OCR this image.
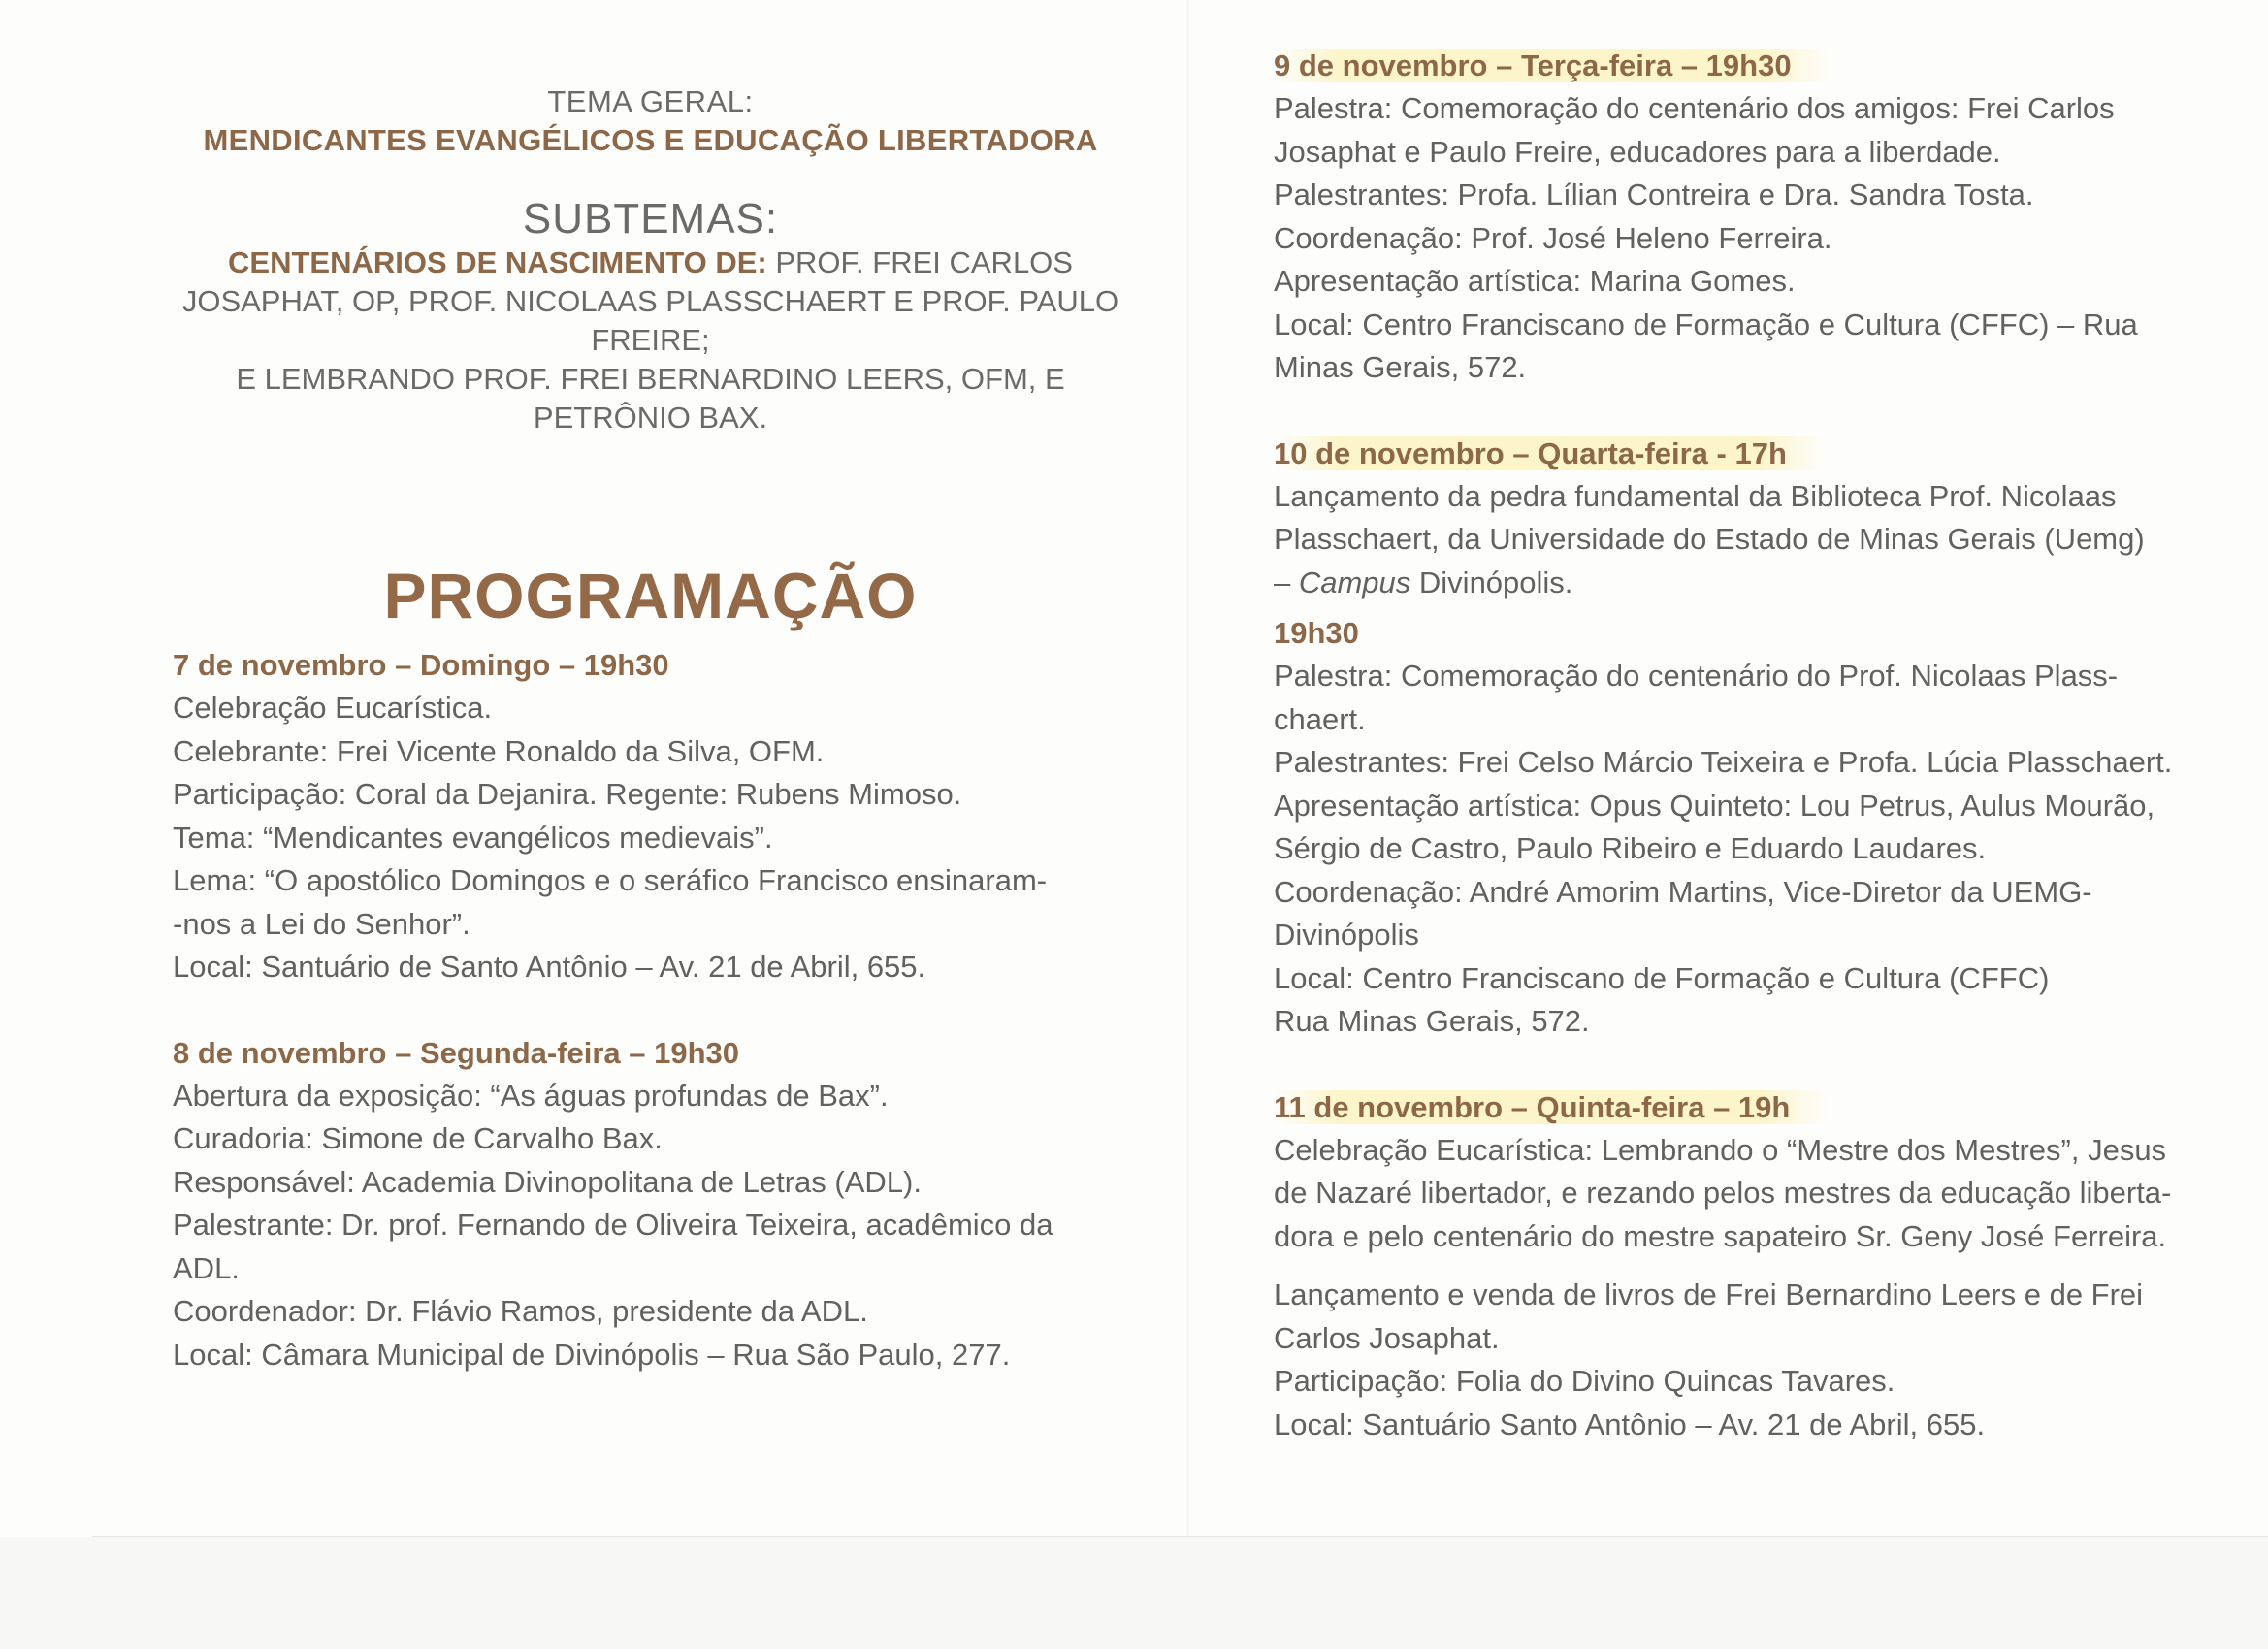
TEMA GERAL:
MENDICANTES EVANGÉLICOS E EDUCAÇÃO LIBERTADORA
SUBTEMAS:
CENTENÁRIOS DE NASCIMENTO DE: PROF. FREI CARLOS
JOSAPHAT, OP, PROF. NICOLAAS PLASSCHAERT E PROF. PAULO
FREIRE;
E LEMBRANDO PROF. FREI BERNARDINO LEERS, OFM, E
PETRÔNIO BAX.
PROGRAMAÇÃO
7 de novembro – Domingo – 19h30
Celebração Eucarística.
Celebrante: Frei Vicente Ronaldo da Silva, OFM.
Participação: Coral da Dejanira. Regente: Rubens Mimoso.
Tema: “Mendicantes evangélicos medievais”.
Lema: “O apostólico Domingos e o seráfico Francisco ensinaram-
-nos a Lei do Senhor”.
Local: Santuário de Santo Antônio – Av. 21 de Abril, 655.
8 de novembro – Segunda-feira – 19h30
Abertura da exposição: “As águas profundas de Bax”.
Curadoria: Simone de Carvalho Bax.
Responsável: Academia Divinopolitana de Letras (ADL).
Palestrante: Dr. prof. Fernando de Oliveira Teixeira, acadêmico da
ADL.
Coordenador: Dr. Flávio Ramos, presidente da ADL.
Local: Câmara Municipal de Divinópolis – Rua São Paulo, 277.
9 de novembro – Terça-feira – 19h30
Palestra: Comemoração do centenário dos amigos: Frei Carlos
Josaphat e Paulo Freire, educadores para a liberdade.
Palestrantes: Profa. Lílian Contreira e Dra. Sandra Tosta.
Coordenação: Prof. José Heleno Ferreira.
Apresentação artística: Marina Gomes.
Local: Centro Franciscano de Formação e Cultura (CFFC) – Rua
Minas Gerais, 572.
10 de novembro – Quarta-feira - 17h
Lançamento da pedra fundamental da Biblioteca Prof. Nicolaas
Plasschaert, da Universidade do Estado de Minas Gerais (Uemg)
– Campus Divinópolis.
19h30
Palestra: Comemoração do centenário do Prof. Nicolaas Plass-
chaert.
Palestrantes: Frei Celso Márcio Teixeira e Profa. Lúcia Plasschaert.
Apresentação artística: Opus Quinteto: Lou Petrus, Aulus Mourão,
Sérgio de Castro, Paulo Ribeiro e Eduardo Laudares.
Coordenação: André Amorim Martins, Vice-Diretor da UEMG-
Divinópolis
Local: Centro Franciscano de Formação e Cultura (CFFC)
Rua Minas Gerais, 572.
11 de novembro – Quinta-feira – 19h
Celebração Eucarística: Lembrando o “Mestre dos Mestres”, Jesus
de Nazaré libertador, e rezando pelos mestres da educação liberta-
dora e pelo centenário do mestre sapateiro Sr. Geny José Ferreira.
Lançamento e venda de livros de Frei Bernardino Leers e de Frei
Carlos Josaphat.
Participação: Folia do Divino Quincas Tavares.
Local: Santuário Santo Antônio – Av. 21 de Abril, 655.
